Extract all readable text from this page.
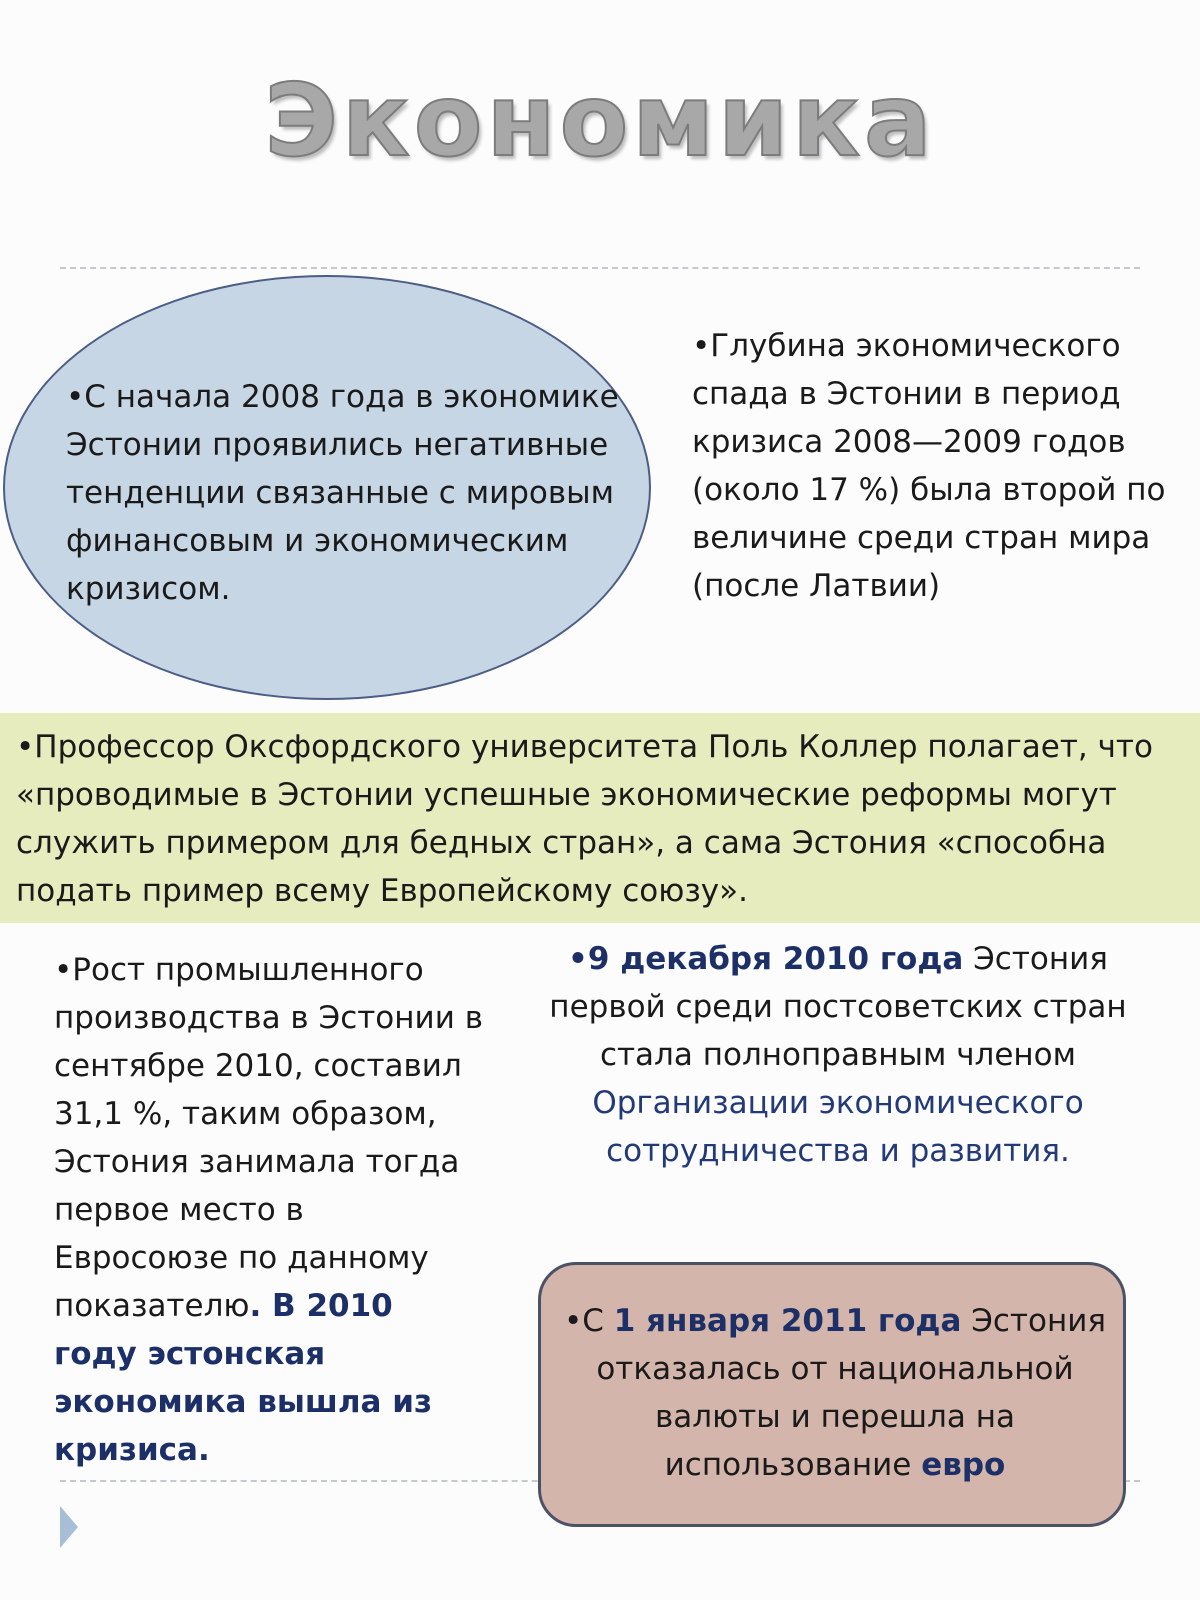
Экономика

•С начала 2008 года в экономике Эстонии проявились негативные тенденции связанные с мировым финансовым и экономическим кризисом.

•Глубина экономического спада в Эстонии в период кризиса 2008—2009 годов (около 17 %) была второй по величине среди стран мира (после Латвии)

•Профессор Оксфордского университета Поль Коллер полагает, что «проводимые в Эстонии успешные экономические реформы могут служить примером для бедных стран», а сама Эстония «способна подать пример всему Европейскому союзу».

•Рост промышленного производства в Эстонии в сентябре 2010, составил 31,1 %, таким образом, Эстония занимала тогда первое место в Евросоюзе по данному показателю. В 2010 году эстонская экономика вышла из кризиса.

•9 декабря 2010 года Эстония первой среди постсоветских стран стала полноправным членом Организации экономического сотрудничества и развития.

•С 1 января 2011 года Эстония отказалась от национальной валюты и перешла на использование евро
